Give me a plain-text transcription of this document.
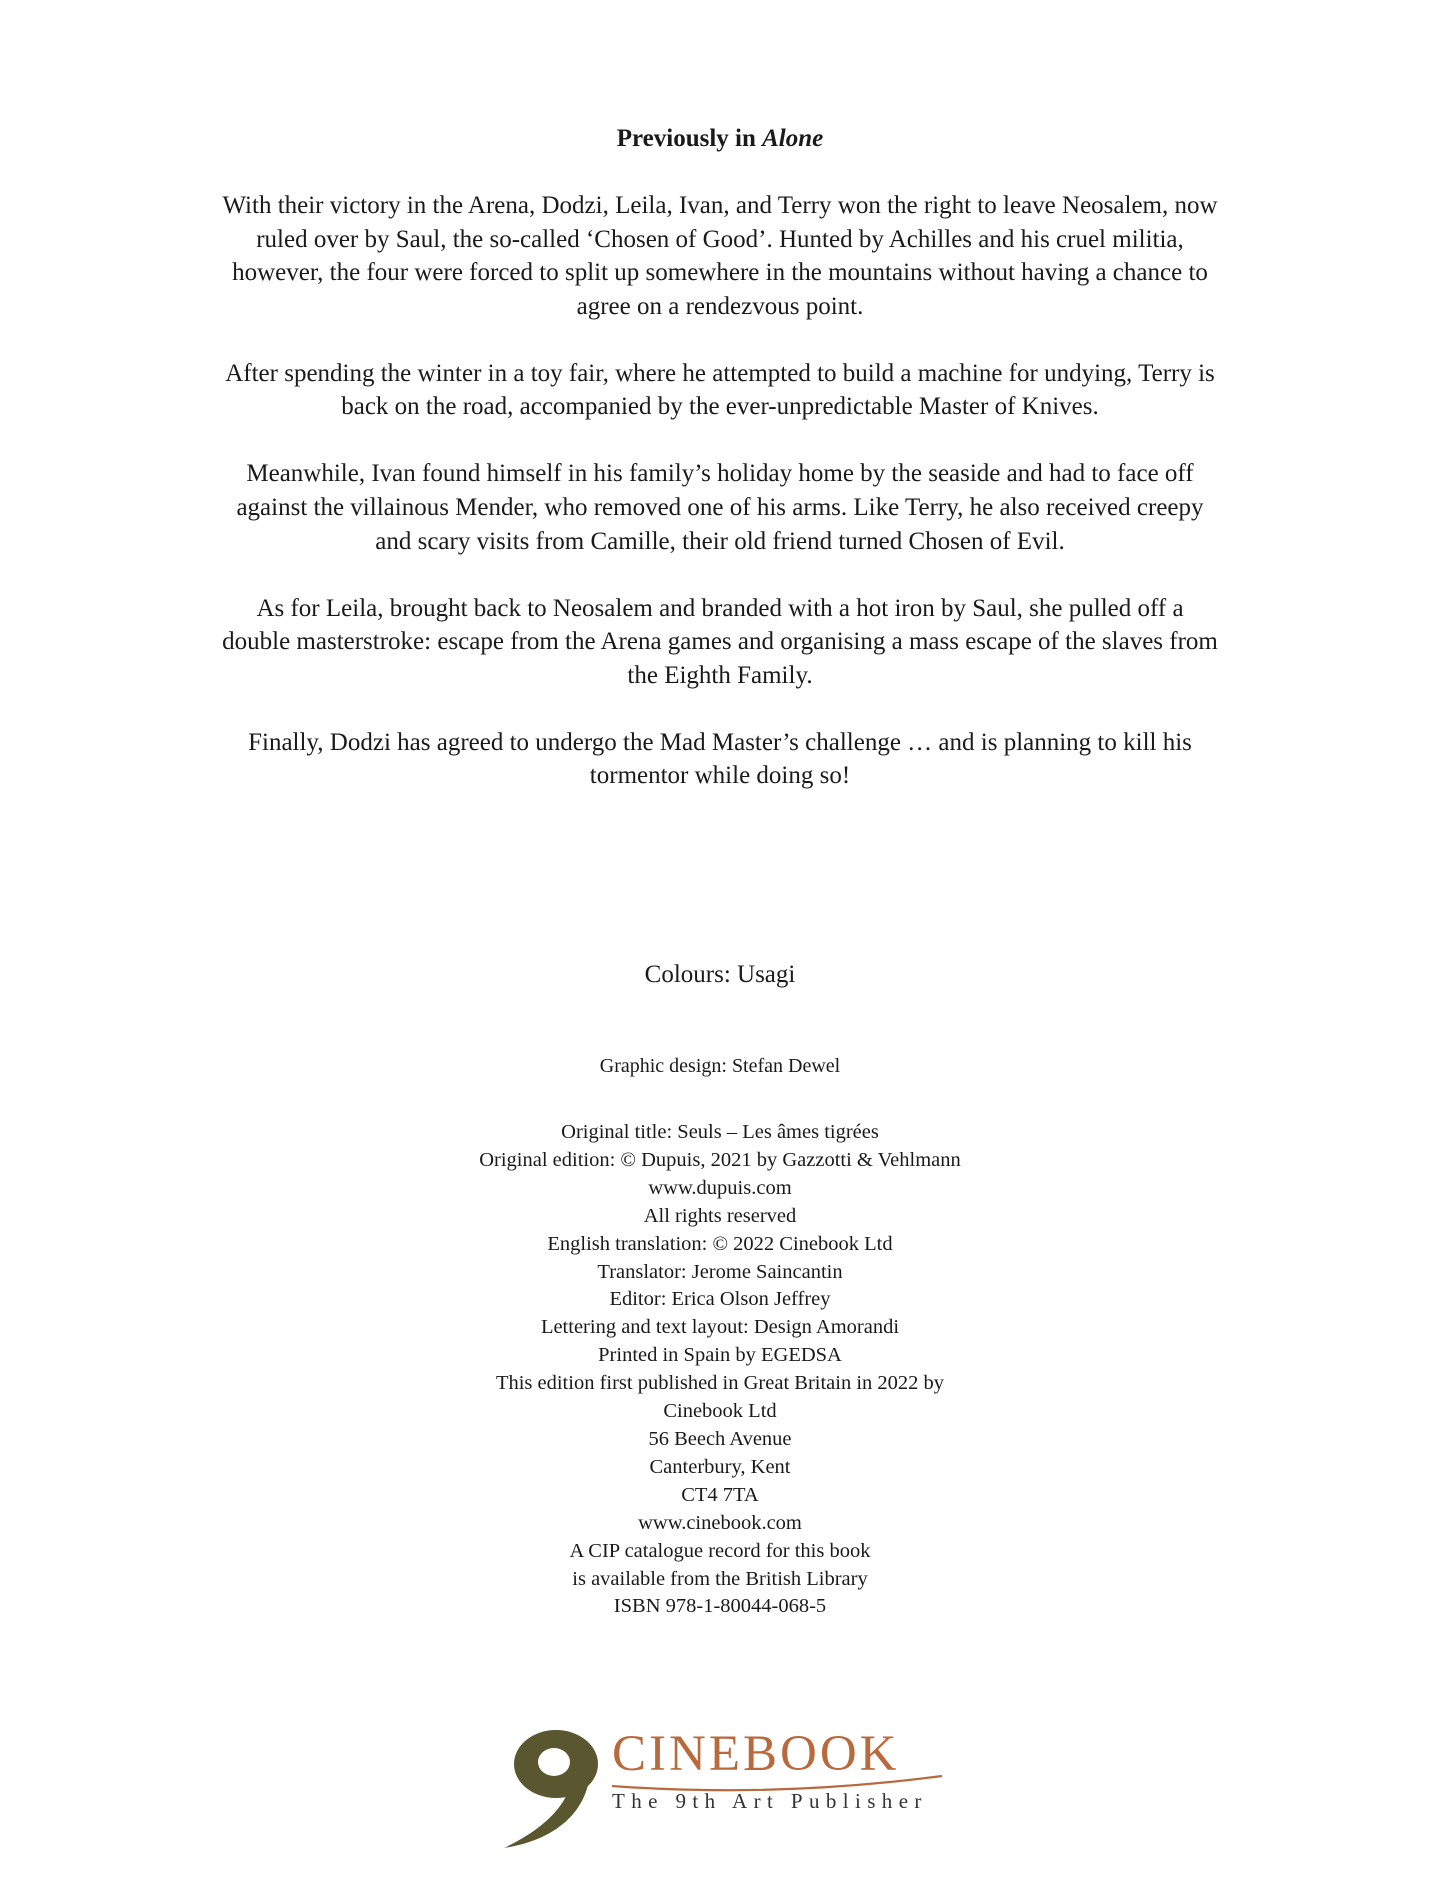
Previously in Alone

With their victory in the Arena, Dodzi, Leila, Ivan, and Terry won the right to leave Neosalem, now ruled over by Saul, the so-called ‘Chosen of Good’. Hunted by Achilles and his cruel militia, however, the four were forced to split up somewhere in the mountains without having a chance to agree on a rendezvous point.

After spending the winter in a toy fair, where he attempted to build a machine for undying, Terry is back on the road, accompanied by the ever-unpredictable Master of Knives.

Meanwhile, Ivan found himself in his family’s holiday home by the seaside and had to face off against the villainous Mender, who removed one of his arms. Like Terry, he also received creepy and scary visits from Camille, their old friend turned Chosen of Evil.

As for Leila, brought back to Neosalem and branded with a hot iron by Saul, she pulled off a double masterstroke: escape from the Arena games and organising a mass escape of the slaves from the Eighth Family.

Finally, Dodzi has agreed to undergo the Mad Master’s challenge … and is planning to kill his tormentor while doing so!

Colours: Usagi
Graphic design: Stefan Dewel
Original title: Seuls – Les âmes tigrées
Original edition: © Dupuis, 2021 by Gazzotti & Vehlmann
www.dupuis.com
All rights reserved
English translation: © 2022 Cinebook Ltd
Translator: Jerome Saincantin
Editor: Erica Olson Jeffrey
Lettering and text layout: Design Amorandi
Printed in Spain by EGEDSA
This edition first published in Great Britain in 2022 by
Cinebook Ltd
56 Beech Avenue
Canterbury, Kent
CT4 7TA
www.cinebook.com
A CIP catalogue record for this book
is available from the British Library
ISBN 978-1-80044-068-5
th CINEBOOK
The 9th Art Publisher
